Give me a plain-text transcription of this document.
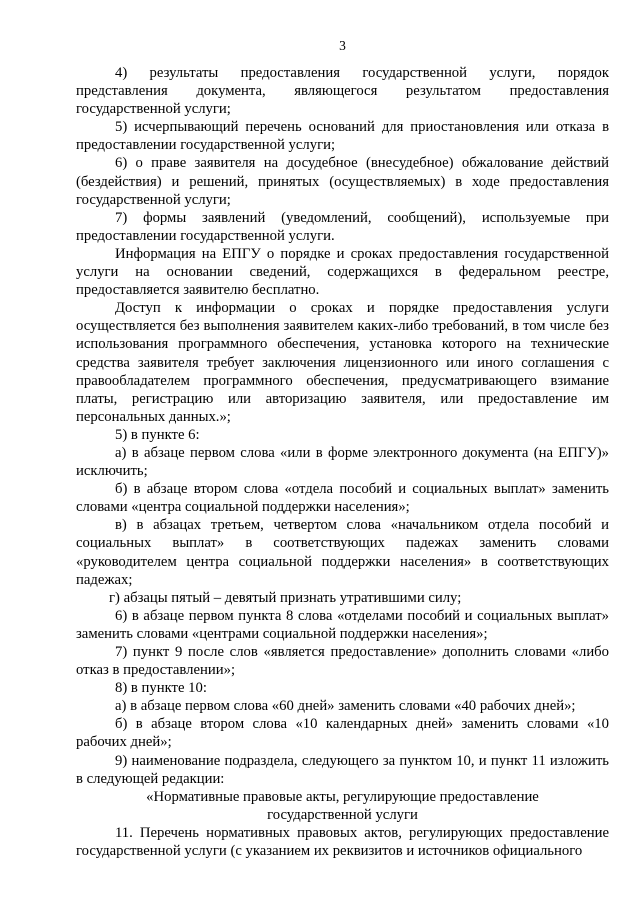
3

4) результаты предоставления государственной услуги, порядок представления документа, являющегося результатом предоставления государственной услуги;

5) исчерпывающий перечень оснований для приостановления или отказа в предоставлении государственной услуги;

6) о праве заявителя на досудебное (внесудебное) обжалование действий (бездействия) и решений, принятых (осуществляемых) в ходе предоставления государственной услуги;

7) формы заявлений (уведомлений, сообщений), используемые при предоставлении государственной услуги.

Информация на ЕПГУ о порядке и сроках предоставления государственной услуги на основании сведений, содержащихся в федеральном реестре, предоставляется заявителю бесплатно.

Доступ к информации о сроках и порядке предоставления услуги осуществляется без выполнения заявителем каких-либо требований, в том числе без использования программного обеспечения, установка которого на технические средства заявителя требует заключения лицензионного или иного соглашения с правообладателем программного обеспечения, предусматривающего взимание платы, регистрацию или авторизацию заявителя, или предоставление им персональных данных.»;

5) в пункте 6:

а) в абзаце первом слова «или в форме электронного документа (на ЕПГУ)» исключить;

б) в абзаце втором слова «отдела пособий и социальных выплат» заменить словами «центра социальной поддержки населения»;

в) в абзацах третьем, четвертом слова «начальником отдела пособий и социальных выплат» в соответствующих падежах заменить словами «руководителем центра социальной поддержки населения» в соответствующих падежах;

г) абзацы пятый – девятый признать утратившими силу;

6) в абзаце первом пункта 8 слова «отделами пособий и социальных выплат» заменить словами «центрами социальной поддержки населения»;

7) пункт 9 после слов «является предоставление» дополнить словами «либо отказ в предоставлении»;

8) в пункте 10:

а) в абзаце первом слова «60 дней» заменить словами «40 рабочих дней»;

б) в абзаце втором слова «10 календарных дней» заменить словами «10 рабочих дней»;

9) наименование подраздела, следующего за пунктом 10, и пункт 11 изложить в следующей редакции:

«Нормативные правовые акты, регулирующие предоставление
государственной услуги

11. Перечень нормативных правовых актов, регулирующих предоставление государственной услуги (с указанием их реквизитов и источников официального
